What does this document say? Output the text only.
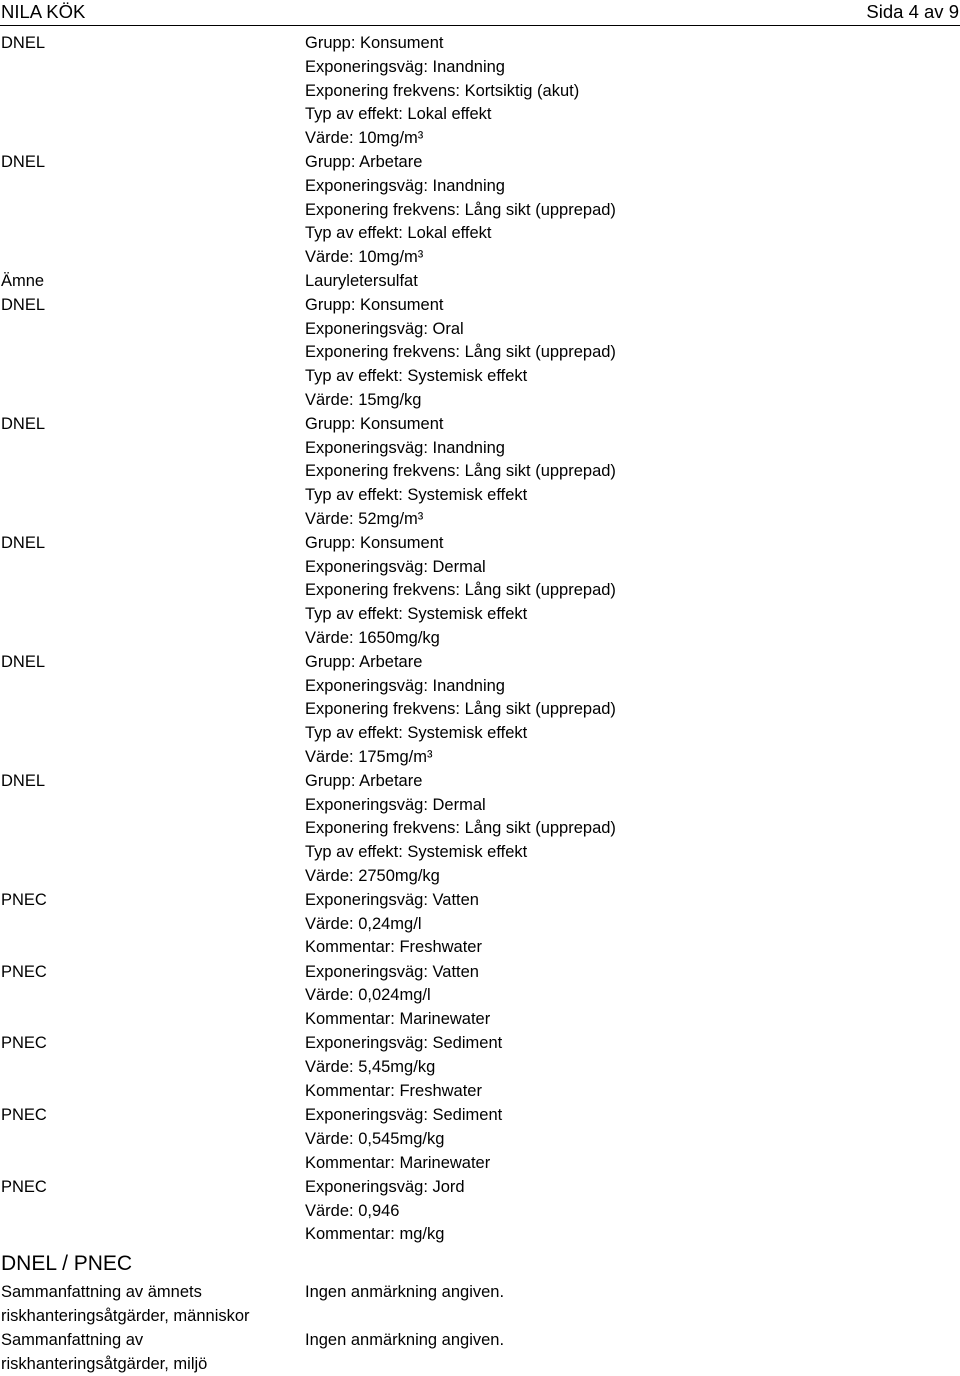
NILA KÖK	Sida 4 av 9
DNEL	Grupp: Konsument
Exponeringsväg: Inandning
Exponering frekvens: Kortsiktig (akut)
Typ av effekt: Lokal effekt
Värde: 10mg/m³
DNEL	Grupp: Arbetare
Exponeringsväg: Inandning
Exponering frekvens: Lång sikt (upprepad)
Typ av effekt: Lokal effekt
Värde: 10mg/m³
Ämne	Lauryletersulfat
DNEL	Grupp: Konsument
Exponeringsväg: Oral
Exponering frekvens: Lång sikt (upprepad)
Typ av effekt: Systemisk effekt
Värde: 15mg/kg
DNEL	Grupp: Konsument
Exponeringsväg: Inandning
Exponering frekvens: Lång sikt (upprepad)
Typ av effekt: Systemisk effekt
Värde: 52mg/m³
DNEL	Grupp: Konsument
Exponeringsväg: Dermal
Exponering frekvens: Lång sikt (upprepad)
Typ av effekt: Systemisk effekt
Värde: 1650mg/kg
DNEL	Grupp: Arbetare
Exponeringsväg: Inandning
Exponering frekvens: Lång sikt (upprepad)
Typ av effekt: Systemisk effekt
Värde: 175mg/m³
DNEL	Grupp: Arbetare
Exponeringsväg: Dermal
Exponering frekvens: Lång sikt (upprepad)
Typ av effekt: Systemisk effekt
Värde: 2750mg/kg
PNEC	Exponeringsväg: Vatten
Värde: 0,24mg/l
Kommentar: Freshwater
PNEC	Exponeringsväg: Vatten
Värde: 0,024mg/l
Kommentar: Marinewater
PNEC	Exponeringsväg: Sediment
Värde: 5,45mg/kg
Kommentar: Freshwater
PNEC	Exponeringsväg: Sediment
Värde: 0,545mg/kg
Kommentar: Marinewater
PNEC	Exponeringsväg: Jord
Värde: 0,946
Kommentar: mg/kg
DNEL / PNEC
Sammanfattning av ämnets riskhanteringsåtgärder, människor
Ingen anmärkning angiven.
Sammanfattning av riskhanteringsåtgärder, miljö
Ingen anmärkning angiven.
